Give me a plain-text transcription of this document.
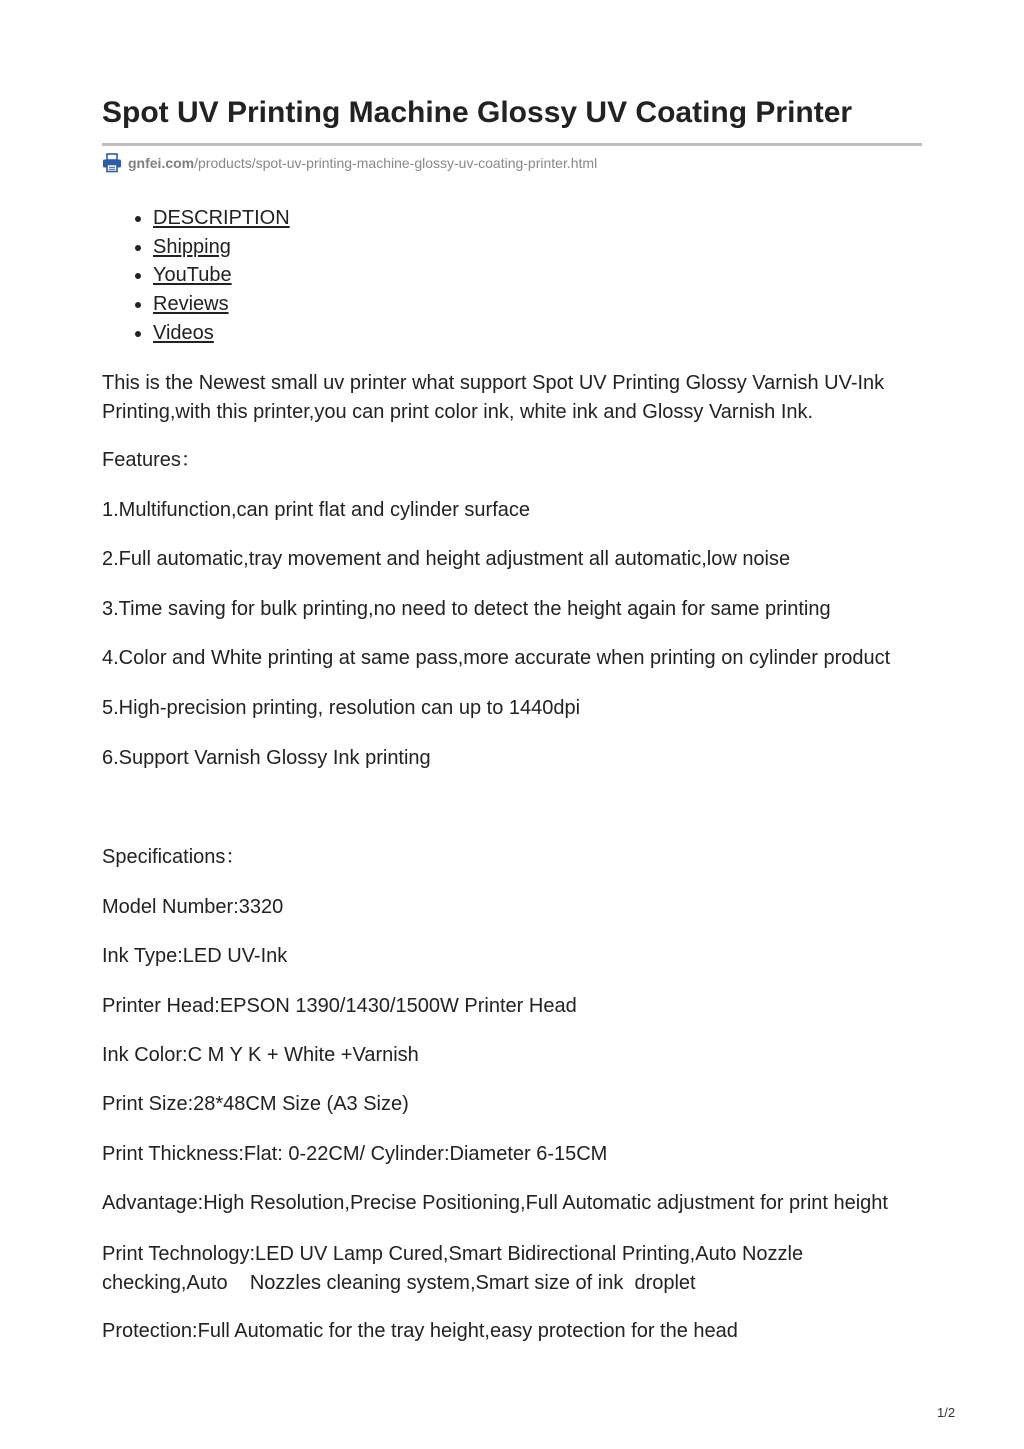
Spot UV Printing Machine Glossy UV Coating Printer
gnfei.com /products/spot-uv-printing-machine-glossy-uv-coating-printer.html
DESCRIPTION
Shipping
YouTube
Reviews
Videos

This is the Newest small uv printer what support Spot UV Printing Glossy Varnish UV-Ink Printing,with this printer,you can print color ink, white ink and Glossy Varnish Ink.

Features：

1.Multifunction,can print flat and cylinder surface

2.Full automatic,tray movement and height adjustment all automatic,low noise

3.Time saving for bulk printing,no need to detect the height again for same printing

4.Color and White printing at same pass,more accurate when printing on cylinder product

5.High-precision printing, resolution can up to 1440dpi

6.Support Varnish Glossy Ink printing

Specifications：

Model Number:3320

Ink Type:LED UV-Ink

Printer Head:EPSON 1390/1430/1500W Printer Head

Ink Color:C M Y K + White +Varnish

Print Size:28*48CM Size (A3 Size)

Print Thickness:Flat: 0-22CM/ Cylinder:Diameter 6-15CM

Advantage:High Resolution,Precise Positioning,Full Automatic adjustment for print height

Print Technology:LED UV Lamp Cured,Smart Bidirectional Printing,Auto Nozzle checking,Auto    Nozzles cleaning system,Smart size of ink  droplet

Protection:Full Automatic for the tray height,easy protection for the head

1/2
